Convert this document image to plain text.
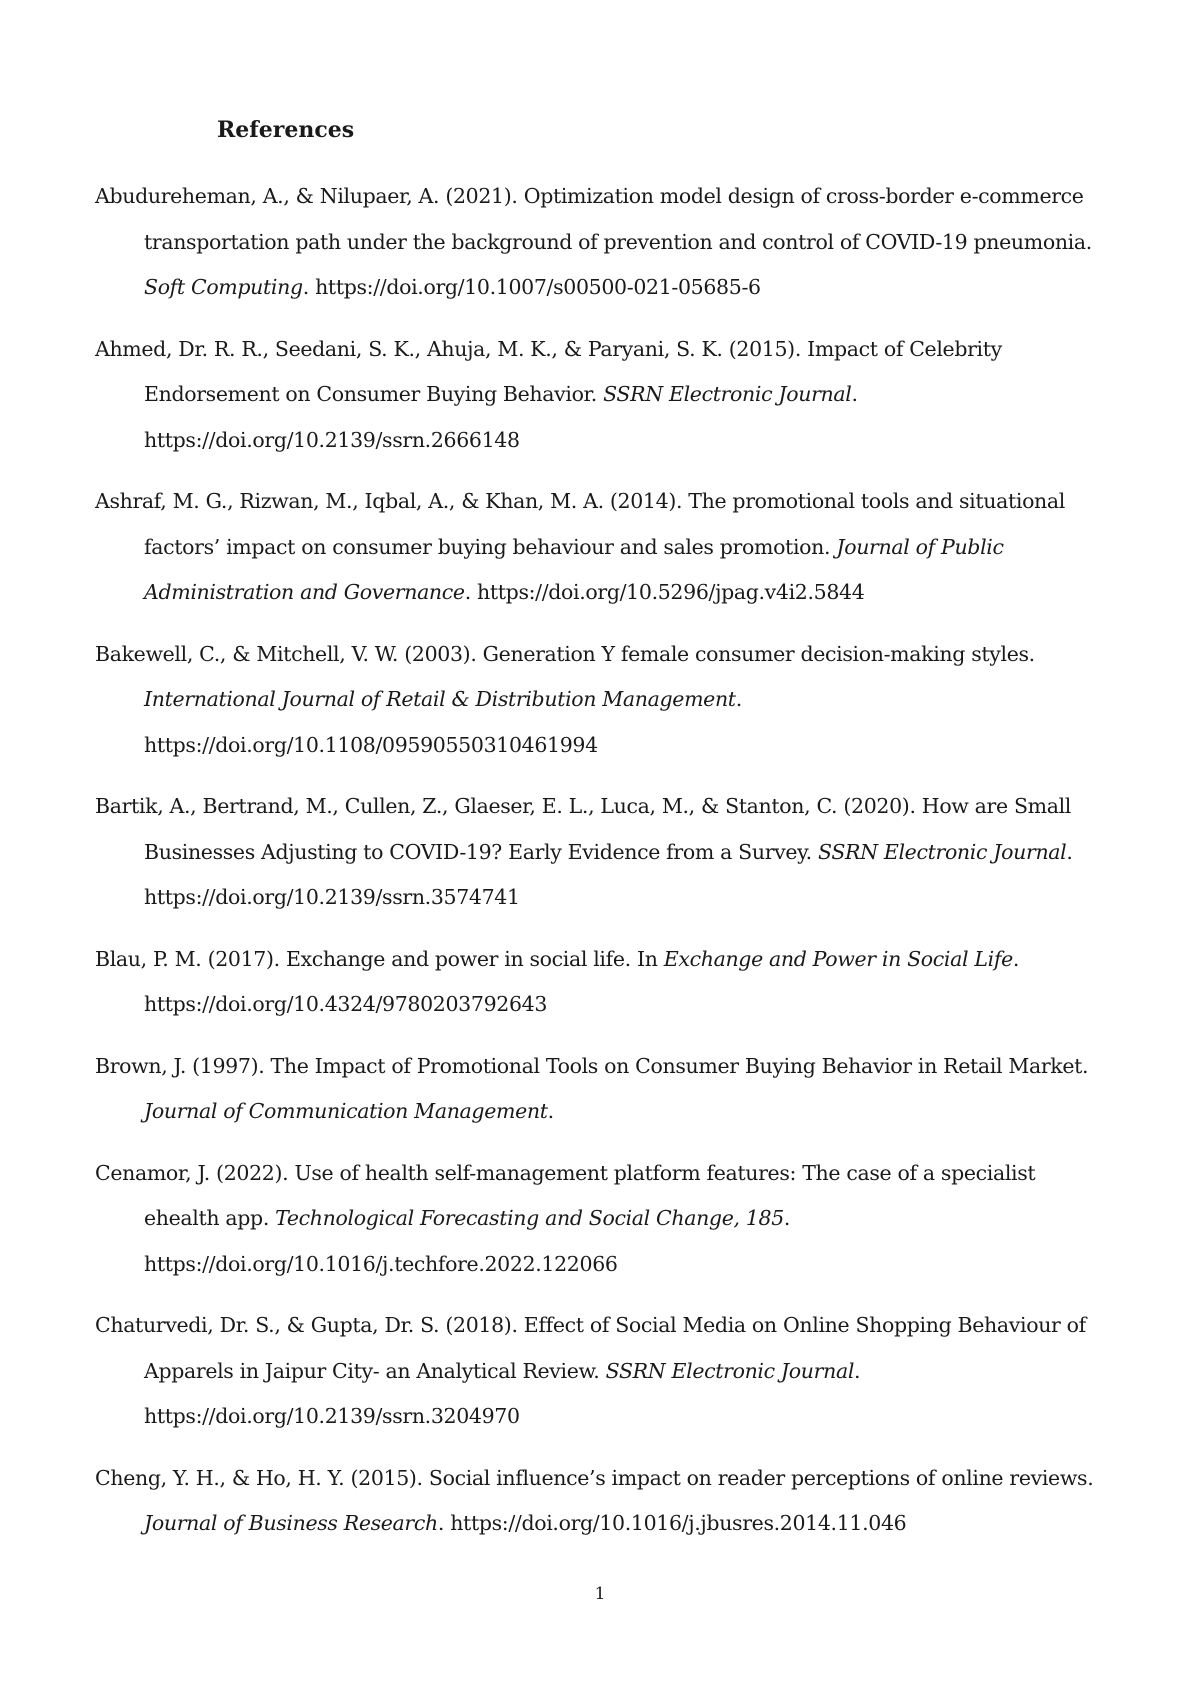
References

Abudureheman, A., & Nilupaer, A. (2021). Optimization model design of cross-border e-commerce transportation path under the background of prevention and control of COVID-19 pneumonia. Soft Computing. https://doi.org/10.1007/s00500-021-05685-6

Ahmed, Dr. R. R., Seedani, S. K., Ahuja, M. K., & Paryani, S. K. (2015). Impact of Celebrity Endorsement on Consumer Buying Behavior. SSRN Electronic Journal. https://doi.org/10.2139/ssrn.2666148

Ashraf, M. G., Rizwan, M., Iqbal, A., & Khan, M. A. (2014). The promotional tools and situational factors’ impact on consumer buying behaviour and sales promotion. Journal of Public Administration and Governance. https://doi.org/10.5296/jpag.v4i2.5844

Bakewell, C., & Mitchell, V. W. (2003). Generation Y female consumer decision-making styles. International Journal of Retail & Distribution Management. https://doi.org/10.1108/09590550310461994

Bartik, A., Bertrand, M., Cullen, Z., Glaeser, E. L., Luca, M., & Stanton, C. (2020). How are Small Businesses Adjusting to COVID-19? Early Evidence from a Survey. SSRN Electronic Journal. https://doi.org/10.2139/ssrn.3574741

Blau, P. M. (2017). Exchange and power in social life. In Exchange and Power in Social Life. https://doi.org/10.4324/9780203792643

Brown, J. (1997). The Impact of Promotional Tools on Consumer Buying Behavior in Retail Market. Journal of Communication Management.

Cenamor, J. (2022). Use of health self-management platform features: The case of a specialist ehealth app. Technological Forecasting and Social Change, 185. https://doi.org/10.1016/j.techfore.2022.122066

Chaturvedi, Dr. S., & Gupta, Dr. S. (2018). Effect of Social Media on Online Shopping Behaviour of Apparels in Jaipur City- an Analytical Review. SSRN Electronic Journal. https://doi.org/10.2139/ssrn.3204970

Cheng, Y. H., & Ho, H. Y. (2015). Social influence’s impact on reader perceptions of online reviews. Journal of Business Research. https://doi.org/10.1016/j.jbusres.2014.11.046

1
